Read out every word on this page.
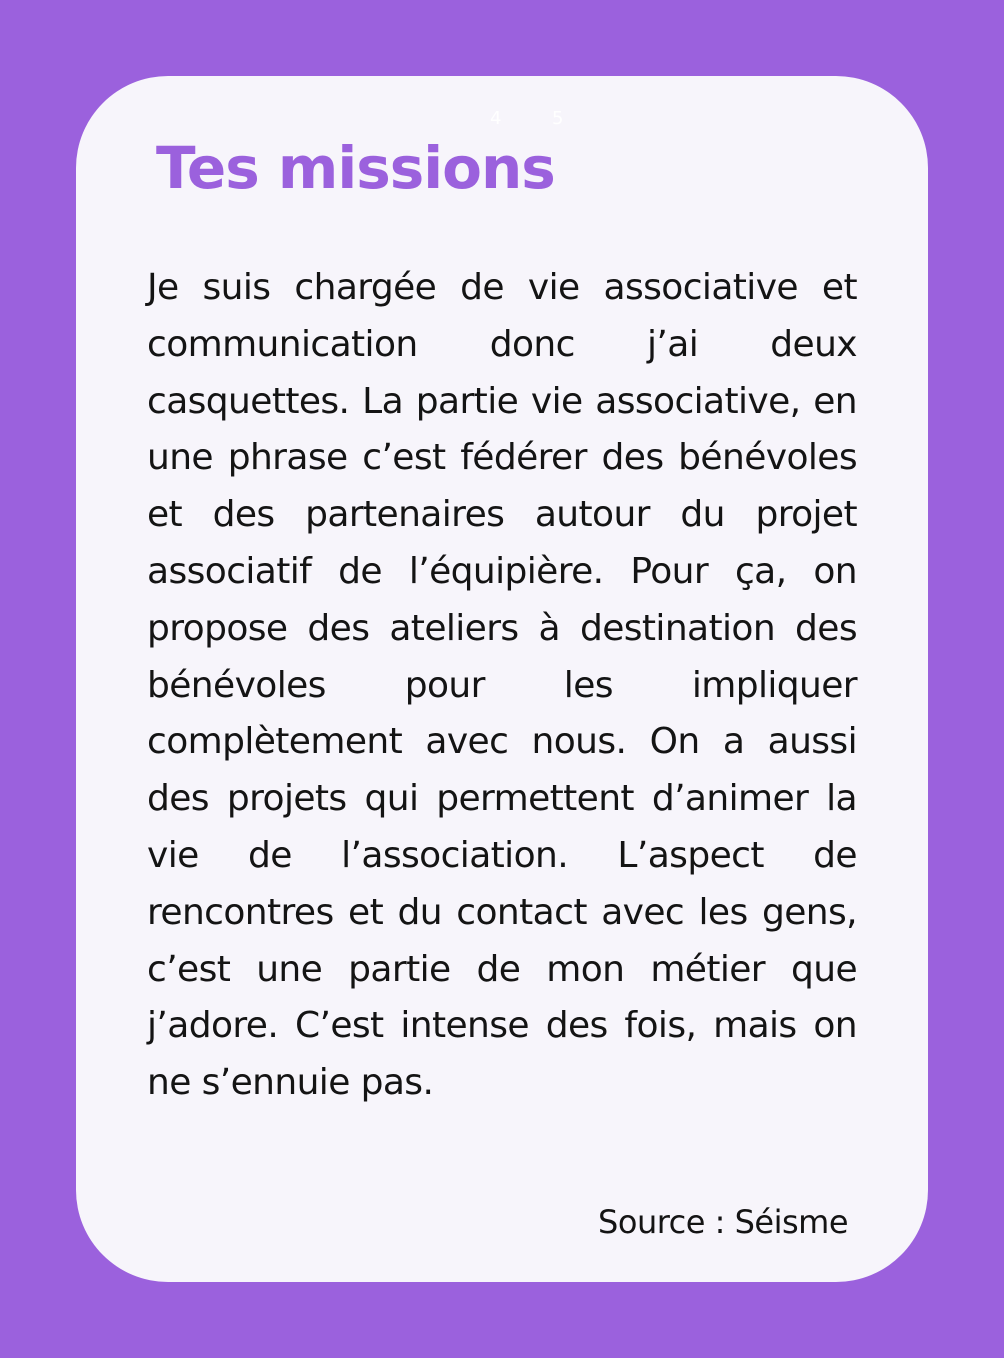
4	5
Tes missions

Je suis chargée de vie associative et communication donc j’ai deux casquettes. La partie vie associative, en une phrase c’est fédérer des bénévoles et des partenaires autour du projet associatif de l’équipière. Pour ça, on propose des ateliers à destination des bénévoles pour les impliquer complètement avec nous. On a aussi des projets qui permettent d’animer la vie de l’association. L’aspect de rencontres et du contact avec les gens, c’est une partie de mon métier que j’adore. C’est intense des fois, mais on ne s’ennuie pas.

Source : Séisme
